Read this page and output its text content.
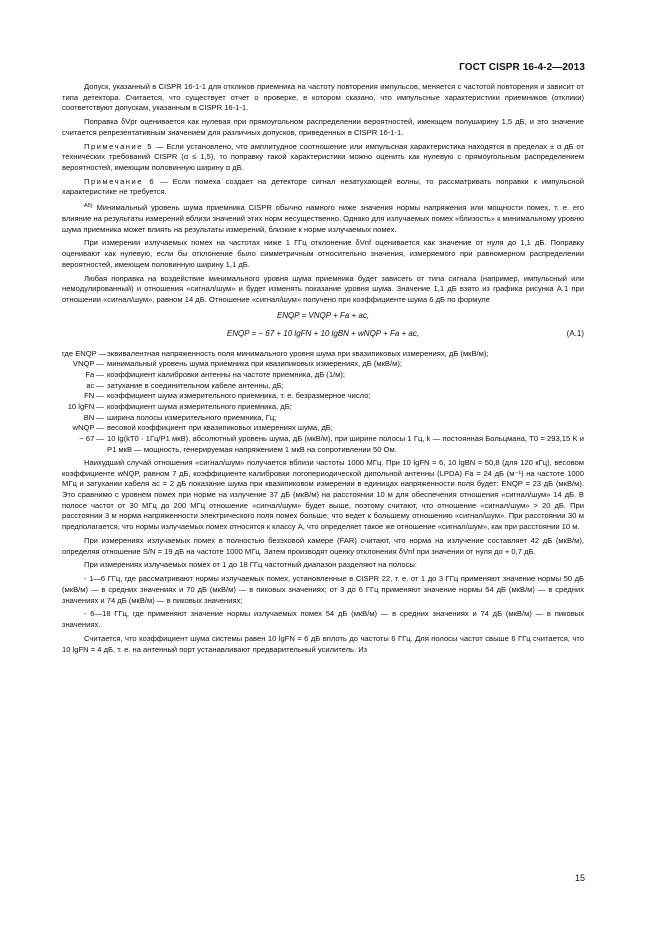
ГОСТ CISPR 16-4-2—2013

Допуск, указанный в CISPR 16-1-1 для откликов приемника на частоту повторения импульсов, меняется с частотой повторения и зависит от типа детектора. Считается, что существует отчет о проверке, в котором сказано, что импульсные характеристики приемников (отклики) соответствуют допускам, указанным в CISPR 16-1-1.

Поправка δVpr оценивается как нулевая при прямоугольном распределении вероятностей, имеющем полуширину 1,5 дБ, и это значение считается репрезентативным значением для различных допусков, приведенных в CISPR 16-1-1.

Примечание 5 — Если установлено, что амплитудное соотношение или импульсная характеристика находятся в пределах ± α дБ от технических требований CISPR (α ≤ 1,5), то поправку такой характеристики можно оценить как нулевую с прямоугольным распределением вероятностей, имеющим половинную ширину α дБ.

Примечание 6 — Если помеха создает на детекторе сигнал незатухающей волны, то рассматривать поправки к импульсной характеристике не требуется.

$^{A5)}$ Минимальный уровень шума приемника CISPR обычно намного ниже значения нормы напряжения или мощности помех, т. е. его влияние на результаты измерений вблизи значений этих норм несущественно. Однако для излучаемых помех «близость» к минимальному уровню шума приемника может влиять на результаты измерений, близкие к норме излучаемых помех.

При измерении излучаемых помех на частотах ниже 1 ГГц отклонение δVnf оценивается как значение от нуля до 1,1 дБ. Поправку оценивают как нулевую, если бы отклонение было симметричным относительно значения, измеряемого при равномерном распределении вероятностей, имеющем половинную ширину 1,1 дБ.

Любая поправка на воздействие минимального уровня шума приемника будет зависеть от типа сигнала (например, импульсный или немодулированный) и отношения «сигнал/шум» и будет изменять показание уровня шума. Значение 1,1 дБ взято из графика рисунка А.1 при отношении «сигнал/шум», равном 14 дБ. Отношение «сигнал/шум» получено при коэффициенте шума 6 дБ по формуле

ENQP = VNQP + Fa + ac,
ENQP = − 67 + 10 lgFN + 10 lgBN + wNQP + Fa + ac,	(А.1)
где ENQP — эквивалентная напряженность поля минимального уровня шума при квазипиковых измерениях, дБ (мкВ/м);
VNQP — минимальный уровень шума приемника при квазипиковых измерениях, дБ (мкВ/м);
Fa — коэффициент калибровки антенны на частоте приемника, дБ (1/м);
ac — затухание в соединительном кабеле антенны, дБ;
FN — коэффициент шума измерительного приемника, т. е. безразмерное число;
10 lgFN — коэффициент шума измерительного приемника, дБ;
BN — ширина полосы измерительного приемника, Гц;
wNQP — весовой коэффициент при квазипиковых измерениях шума, дБ;
− 67 — 10 lg(kT0 · 1Гц/P1 мкВ), абсолютный уровень шума, дБ (мкВ/м), при ширине полосы 1 Гц, k — постоянная Больцмана, T0 = 293,15 K и P1 мкВ — мощность, генерируемая напряжением 1 мкВ на сопротивлении 50 Ом.

Наихудший случай отношения «сигнал/шум» получается вблизи частоты 1000 МГц. При 10 lgFN = 6, 10 lgBN = 50,8 (для 120 кГц), весовом коэффициенте wNQP, равном 7 дБ, коэффициенте калибровки логопериодической дипольной антенны (LPDA) Fa = 24 дБ (м⁻¹) на частоте 1000 МГц и затухании кабеля ac = 2 дБ показание шума при квазипиковом измерении в единицах напряженности поля будет: ENQP = 23 дБ (мкВ/м). Это сравнимо с уровнем помех при норме на излучение 37 дБ (мкВ/м) на расстоянии 10 м для обеспечения отношения «сигнал/шум» 14 дБ. В полосе частот от 30 МГц до 200 МГц отношение «сигнал/шум» будет выше, поэтому считают, что отношение «сигнал/шум» > 20 дБ. При расстоянии 3 м норма напряженности электрического поля помех больше, что ведет к большему отношению «сигнал/шум». При расстоянии 30 м предполагается, что нормы излучаемых помех относятся к классу А, что определяет такое же отношение «сигнал/шум», как при расстоянии 10 м.

При измерениях излучаемых помех в полностью безэховой камере (FAR) считают, что норма на излучение составляет 42 дБ (мкВ/м), определяя отношение S/N = 19 дБ на частоте 1000 МГц. Затем производят оценку отклонения δVnf при значении от нуля до + 0,7 дБ.

При измерениях излучаемых помех от 1 до 18 ГГц частотный диапазон разделяют на полосы:

- 1—6 ГГц, где рассматривают нормы излучаемых помех, установленные в CISPR 22, т. е. от 1 до 3 ГГц применяют значение нормы 50 дБ (мкВ/м) — в средних значениях и 70 дБ (мкВ/м) — в пиковых значениях; от 3 до 6 ГГц применяют значение нормы 54 дБ (мкВ/м) — в средних значениях и 74 дБ (мкВ/м) — в пиковых значениях;

- 6—18 ГГц, где применяют значение нормы излучаемых помех 54 дБ (мкВ/м) — в средних значениях и 74 дБ (мкВ/м) — в пиковых значениях.

Считается, что коэффициент шума системы равен 10 lgFN = 6 дБ вплоть до частоты 6 ГГц. Для полосы частот свыше 6 ГГц считается, что 10 lgFN = 4 дБ, т. е. на антенный порт устанавливают предварительный усилитель. Из

15
